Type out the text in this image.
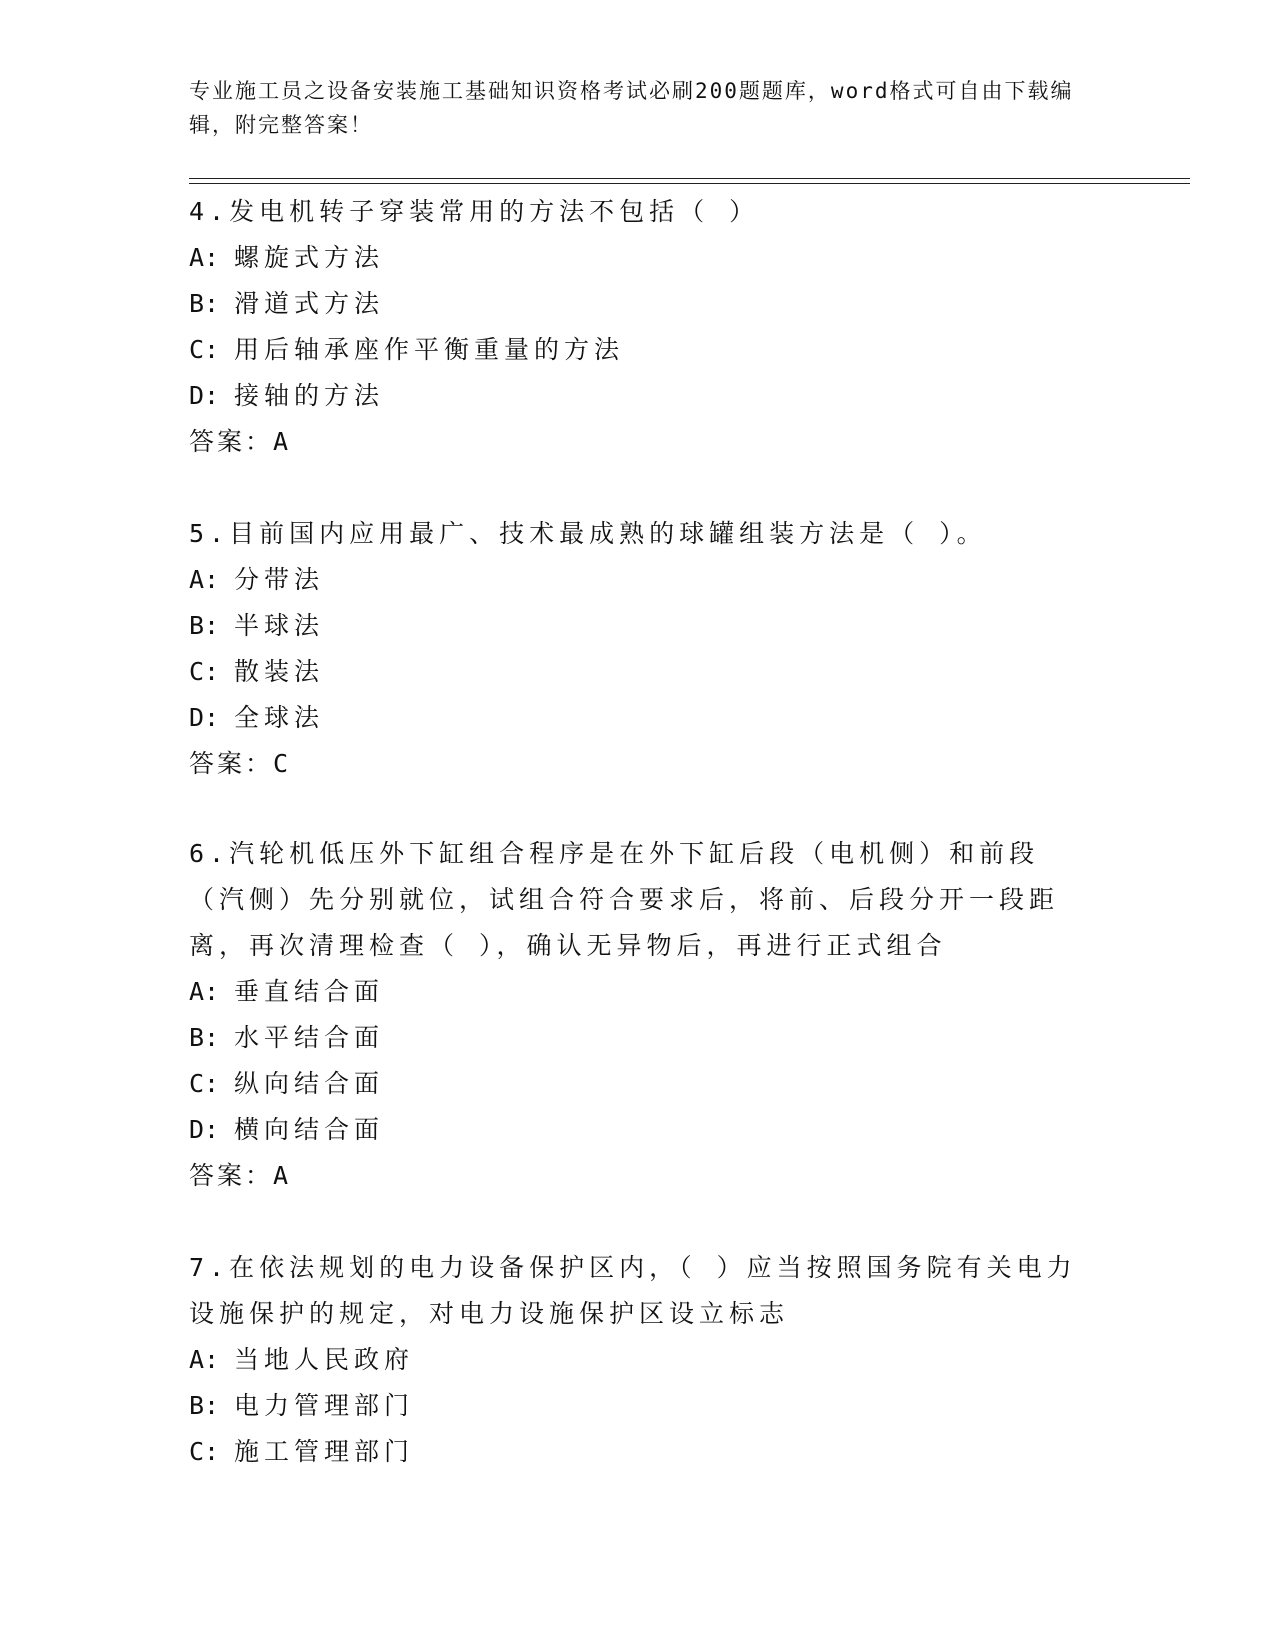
专业施工员之设备安装施工基础知识资格考试必刷200题题库，word格式可自由下载编辑，附完整答案！
4.发电机转子穿装常用的方法不包括（ ）
A: 螺旋式方法
B: 滑道式方法
C: 用后轴承座作平衡重量的方法
D: 接轴的方法
答案：A
5.目前国内应用最广、技术最成熟的球罐组装方法是（ ）。
A: 分带法
B: 半球法
C: 散装法
D: 全球法
答案：C
6.汽轮机低压外下缸组合程序是在外下缸后段（电机侧）和前段（汽侧）先分别就位，试组合符合要求后，将前、后段分开一段距离，再次清理检查（ ），确认无异物后，再进行正式组合
A: 垂直结合面
B: 水平结合面
C: 纵向结合面
D: 横向结合面
答案：A
7.在依法规划的电力设备保护区内，（ ）应当按照国务院有关电力设施保护的规定，对电力设施保护区设立标志
A: 当地人民政府
B: 电力管理部门
C: 施工管理部门
